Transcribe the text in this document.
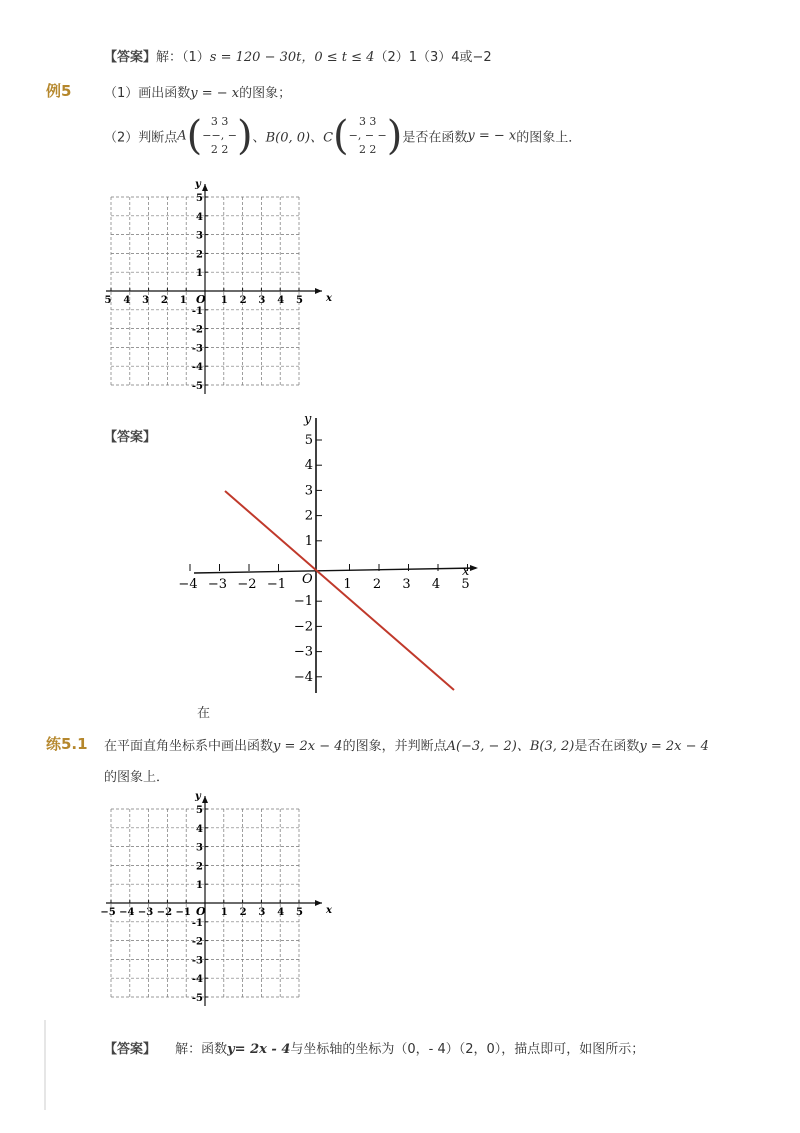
【答案】解：（1）s = 120 − 30t，0 ≤ t ≤ 4（2）1（3）4或−2
例5	（1）画出函数y = − x的图象；
（2）判断点A( 3 3
−−, −
2 2 )、B(0, 0)、C( 3 3
−, − −
2 2 )是否在函数y = − x的图象上．
x
y
O
5 4 3 2 1	1 2 3 4 5
5
4
3
2
1
-1
-2
-3
-4
-5
【答案】
x
y
O
−4 −3 −2 −1	1 2 3 4 5
5
4
3
2
1
−1
−2
−3
−4
在
练5.1 在平面直角坐标系中画出函数y = 2x − 4的图象，并判断点A(−3, − 2)、B(3, 2)是否在函数y = 2x − 4
的图象上．
x
y
O
−5 −4 −3 −2 −1	1 2 3 4 5
5
4
3
2
1
-1
-2
-3
-4
-5
【答案】 解：函数y= 2x - 4与坐标轴的坐标为（0，- 4）（2，0），描点即可，如图所示；
